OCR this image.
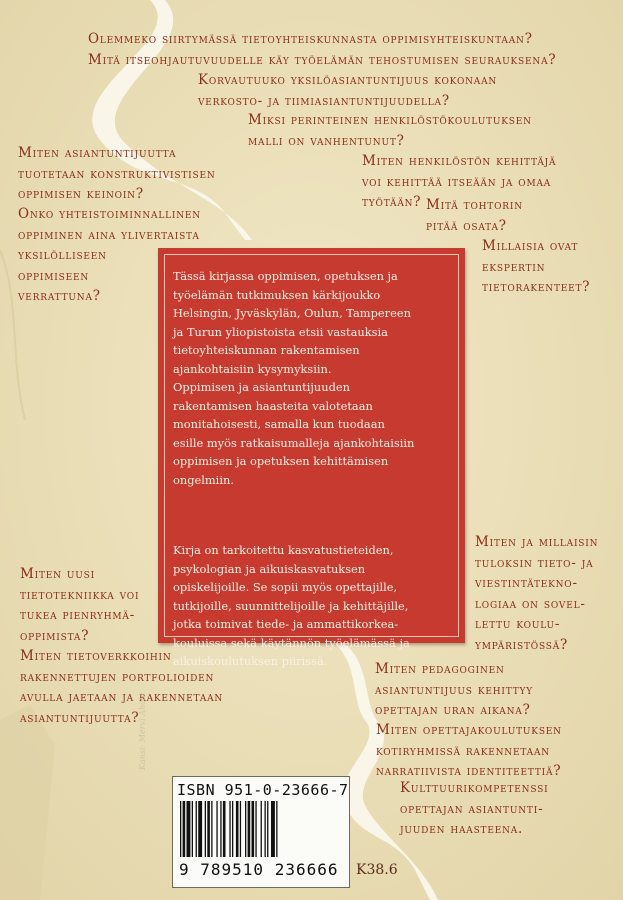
Olemmeko siirtymässä tietoyhteiskunnasta oppimisyhteiskuntaan?
Mitä itseohjautuvuudelle käy työelämän tehostumisen seurauksena?
Korvautuuko yksilöasiantuntijuus kokonaan
verkosto- ja tiimiasiantuntijuudella?
Miksi perinteinen henkilöstökoulutuksen
malli on vanhentunut?
Miten asiantuntijuutta
tuotetaan konstruktivistisen
oppimisen keinoin?
Onko yhteistoiminnallinen
oppiminen aina ylivertaista
yksilölliseen
oppimiseen
verrattuna?
Miten henkilöstön kehittäjä
voi kehittää itseään ja omaa
työtään? Mitä tohtorin
pitää osata?
Millaisia ovat
ekspertin
tietorakenteet?

Tässä kirjassa oppimisen, opetuksen ja
työelämän tutkimuksen kärkijoukko
Helsingin, Jyväskylän, Oulun, Tampereen
ja Turun yliopistoista etsii vastauksia
tietoyhteiskunnan rakentamisen
ajankohtaisiin kysymyksiin.
Oppimisen ja asiantuntijuuden
rakentamisen haasteita valotetaan
monitahoisesti, samalla kun tuodaan
esille myös ratkaisumalleja ajankohtaisiin
oppimisen ja opetuksen kehittämisen
ongelmiin.

Kirja on tarkoitettu kasvatustieteiden,
psykologian ja aikuiskasvatuksen
opiskelijoille. Se sopii myös opettajille,
tutkijoille, suunnittelijoille ja kehittäjille,
jotka toimivat tiede- ja ammattikorkea-
kouluissa sekä käytännön työelämässä ja
aikuiskoulutuksen piirissä.

Miten uusi
tietotekniikka voi
tukea pienryhmä-
oppimista?
Miten tietoverkkoihin
rakennettujen portfolioiden
avulla jaetaan ja rakennetaan
asiantuntijuutta?
Miten ja millaisin
tuloksin tieto- ja
viestintätekno-
logiaa on sovel-
lettu koulu-
ympäristössä?
Miten pedagoginen
asiantuntijuus kehittyy
opettajan uran aikana?
Miten opettajakoulutuksen
kotiryhmissä rakennetaan
narratiivista identiteettiä?
Kulttuurikompetenssi
opettajan asiantunti-
juuden haasteena.
Kansi: Mervi Ahola
9 789510 236666
ISBN 951-0-23666-7
K38.6
